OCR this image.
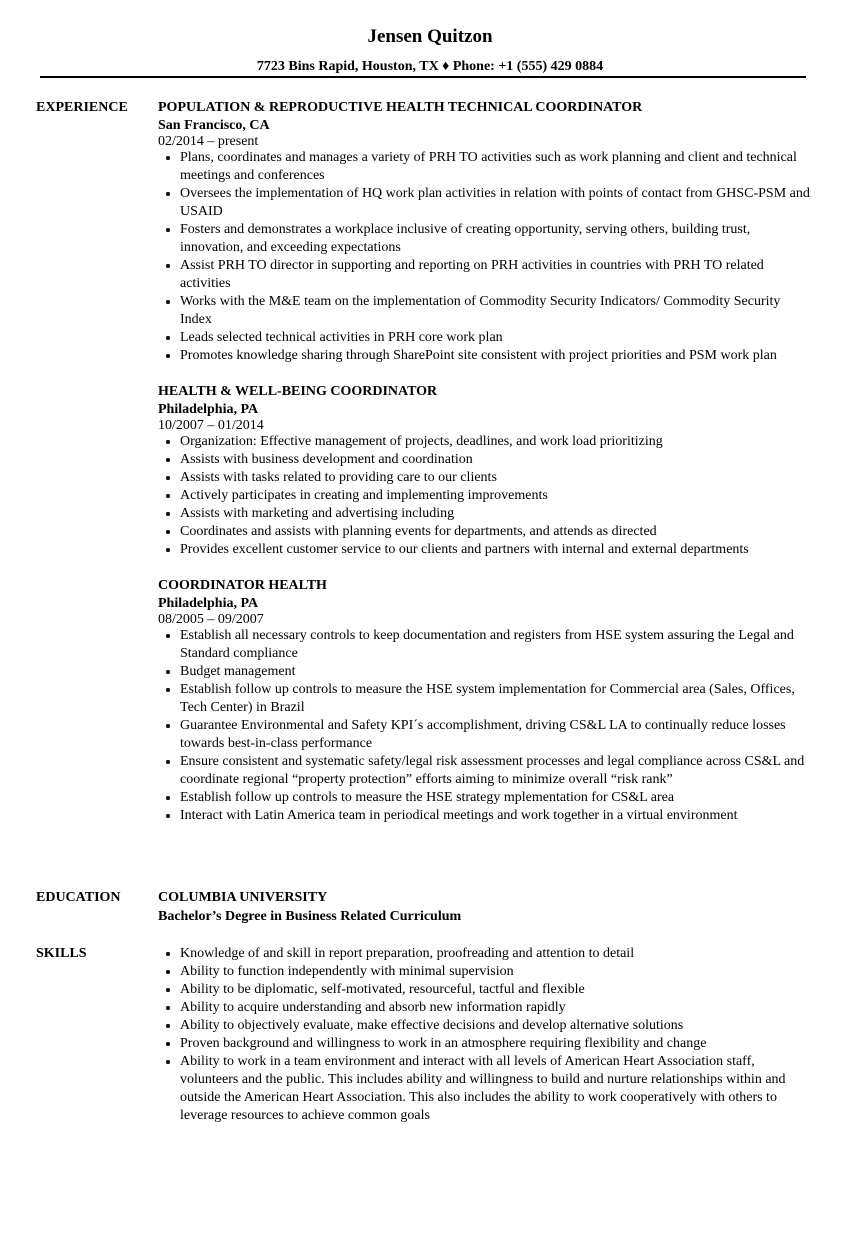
Jensen Quitzon
7723 Bins Rapid, Houston, TX ♦ Phone: +1 (555) 429 0884
EXPERIENCE POPULATION & REPRODUCTIVE HEALTH TECHNICAL COORDINATOR
San Francisco, CA
02/2014 – present
Plans, coordinates and manages a variety of PRH TO activities such as work planning and client and technical meetings and conferences
Oversees the implementation of HQ work plan activities in relation with points of contact from GHSC-PSM and USAID
Fosters and demonstrates a workplace inclusive of creating opportunity, serving others, building trust, innovation, and exceeding expectations
Assist PRH TO director in supporting and reporting on PRH activities in countries with PRH TO related activities
Works with the M&E team on the implementation of Commodity Security Indicators/ Commodity Security Index
Leads selected technical activities in PRH core work plan
Promotes knowledge sharing through SharePoint site consistent with project priorities and PSM work plan
HEALTH & WELL-BEING COORDINATOR
Philadelphia, PA
10/2007 – 01/2014
Organization: Effective management of projects, deadlines, and work load prioritizing
Assists with business development and coordination
Assists with tasks related to providing care to our clients
Actively participates in creating and implementing improvements
Assists with marketing and advertising including
Coordinates and assists with planning events for departments, and attends as directed
Provides excellent customer service to our clients and partners with internal and external departments
COORDINATOR HEALTH
Philadelphia, PA
08/2005 – 09/2007
Establish all necessary controls to keep documentation and registers from HSE system assuring the Legal and Standard compliance
Budget management
Establish follow up controls to measure the HSE system implementation for Commercial area (Sales, Offices, Tech Center) in Brazil
Guarantee Environmental and Safety KPI´s accomplishment, driving CS&L LA to continually reduce losses towards best-in-class performance
Ensure consistent and systematic safety/legal risk assessment processes and legal compliance across CS&L and coordinate regional “property protection” efforts aiming to minimize overall “risk rank”
Establish follow up controls to measure the HSE strategy mplementation for CS&L area
Interact with Latin America team in periodical meetings and work together in a virtual environment
EDUCATION	COLUMBIA UNIVERSITY
Bachelor’s Degree in Business Related Curriculum
SKILLS	Knowledge of and skill in report preparation, proofreading and attention to detail
Ability to function independently with minimal supervision
Ability to be diplomatic, self-motivated, resourceful, tactful and flexible
Ability to acquire understanding and absorb new information rapidly
Ability to objectively evaluate, make effective decisions and develop alternative solutions
Proven background and willingness to work in an atmosphere requiring flexibility and change
Ability to work in a team environment and interact with all levels of American Heart Association staff, volunteers and the public. This includes ability and willingness to build and nurture relationships within and outside the American Heart Association. This also includes the ability to work cooperatively with others to leverage resources to achieve common goals
